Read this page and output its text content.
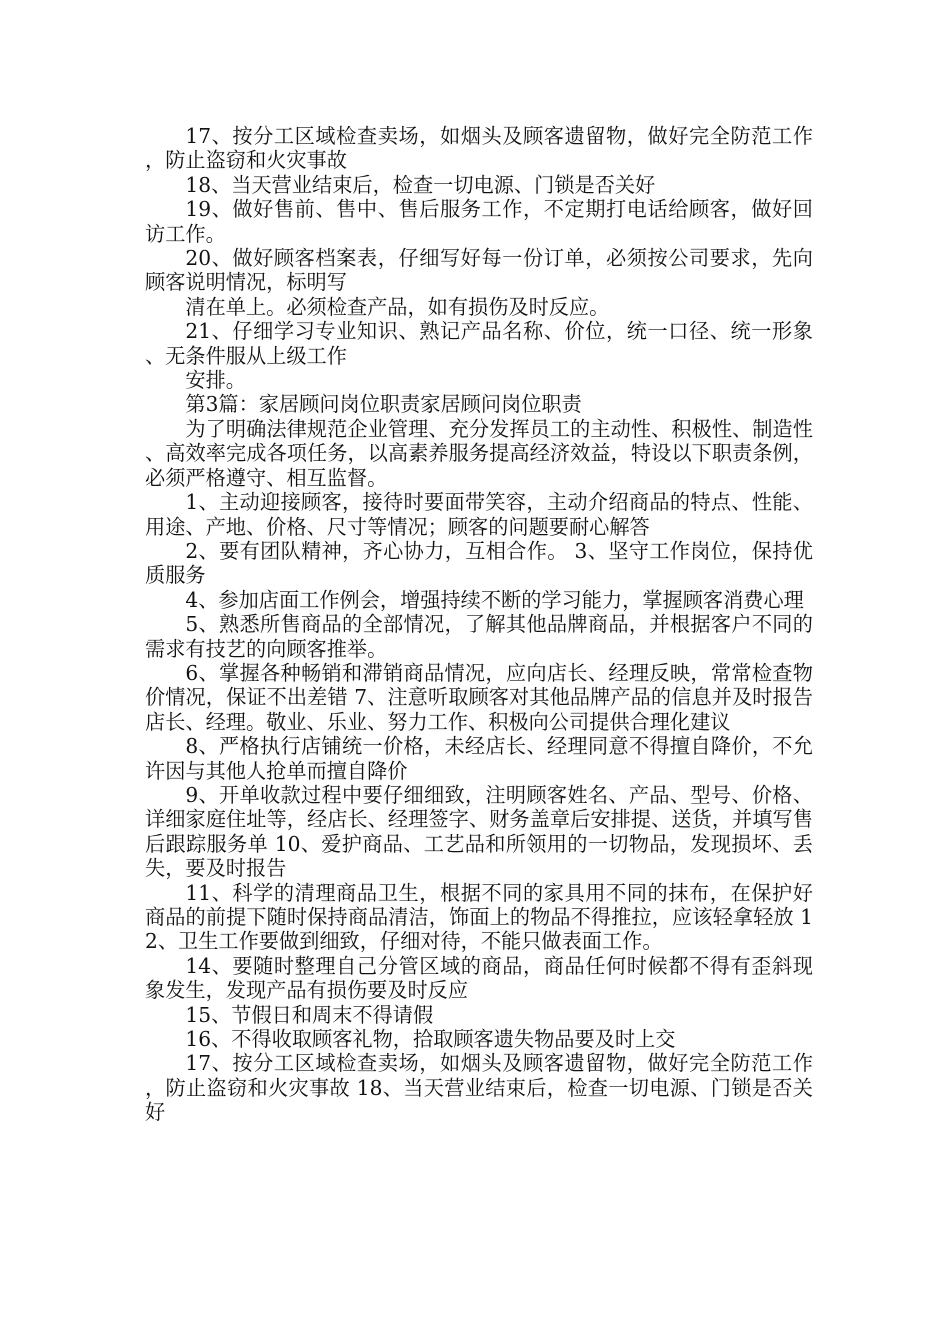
17、按分工区域检查卖场，如烟头及顾客遗留物，做好完全防范工作，防止盗窃和火灾事故

18、当天营业结束后，检查一切电源、门锁是否关好

19、做好售前、售中、售后服务工作，不定期打电话给顾客，做好回访工作。

20、做好顾客档案表，仔细写好每一份订单，必须按公司要求，先向顾客说明情况，标明写

清在单上。必须检查产品，如有损伤及时反应。

21、仔细学习专业知识、熟记产品名称、价位，统一口径、统一形象、无条件服从上级工作

安排。

第3篇：家居顾问岗位职责家居顾问岗位职责

为了明确法律规范企业管理、充分发挥员工的主动性、积极性、制造性、高效率完成各项任务，以高素养服务提高经济效益，特设以下职责条例，必须严格遵守、相互监督。

1、主动迎接顾客，接待时要面带笑容，主动介绍商品的特点、性能、用途、产地、价格、尺寸等情况；顾客的问题要耐心解答

2、要有团队精神，齐心协力，互相合作。 3、坚守工作岗位，保持优质服务

4、参加店面工作例会，增强持续不断的学习能力，掌握顾客消费心理

5、熟悉所售商品的全部情况，了解其他品牌商品，并根据客户不同的需求有技艺的向顾客推举。

6、掌握各种畅销和滞销商品情况，应向店长、经理反映，常常检查物价情况，保证不出差错 7、注意听取顾客对其他品牌产品的信息并及时报告店长、经理。敬业、乐业、努力工作、积极向公司提供合理化建议

8、严格执行店铺统一价格，未经店长、经理同意不得擅自降价，不允许因与其他人抢单而擅自降价

9、开单收款过程中要仔细细致，注明顾客姓名、产品、型号、价格、详细家庭住址等，经店长、经理签字、财务盖章后安排提、送货，并填写售后跟踪服务单 10、爱护商品、工艺品和所领用的一切物品，发现损坏、丢失，要及时报告

11、科学的清理商品卫生，根据不同的家具用不同的抹布，在保护好商品的前提下随时保持商品清洁，饰面上的物品不得推拉，应该轻拿轻放 12、卫生工作要做到细致，仔细对待，不能只做表面工作。

14、要随时整理自己分管区域的商品，商品任何时候都不得有歪斜现象发生，发现产品有损伤要及时反应

15、节假日和周末不得请假

16、不得收取顾客礼物，拾取顾客遗失物品要及时上交

17、按分工区域检查卖场，如烟头及顾客遗留物，做好完全防范工作，防止盗窃和火灾事故 18、当天营业结束后，检查一切电源、门锁是否关好
